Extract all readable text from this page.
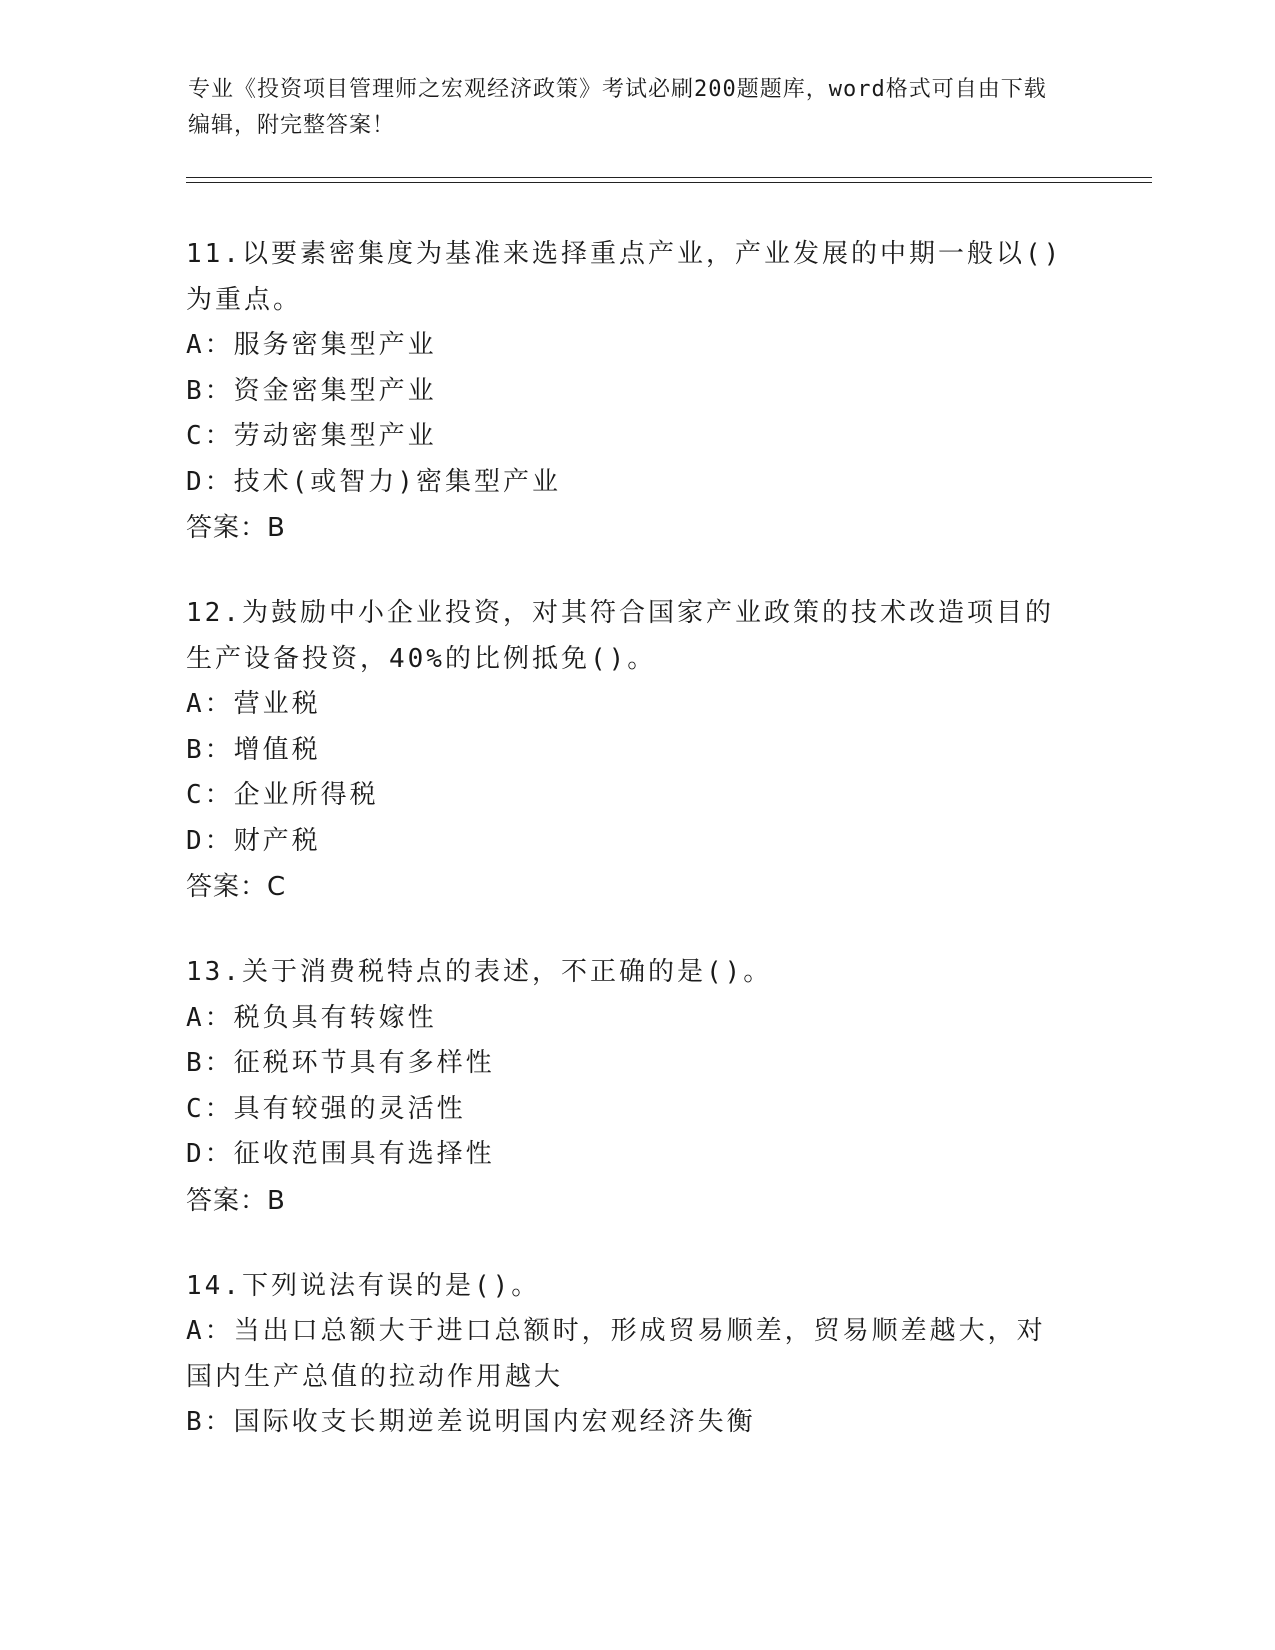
专业《投资项目管理师之宏观经济政策》考试必刷200题题库，word格式可自由下载编辑，附完整答案！
11.以要素密集度为基准来选择重点产业，产业发展的中期一般以()为重点。
A：服务密集型产业
B：资金密集型产业
C：劳动密集型产业
D：技术(或智力)密集型产业
答案：B
12.为鼓励中小企业投资，对其符合国家产业政策的技术改造项目的生产设备投资，40%的比例抵免()。
A：营业税
B：增值税
C：企业所得税
D：财产税
答案：C
13.关于消费税特点的表述，不正确的是()。
A：税负具有转嫁性
B：征税环节具有多样性
C：具有较强的灵活性
D：征收范围具有选择性
答案：B
14.下列说法有误的是()。
A：当出口总额大于进口总额时，形成贸易顺差，贸易顺差越大，对国内生产总值的拉动作用越大
B：国际收支长期逆差说明国内宏观经济失衡
